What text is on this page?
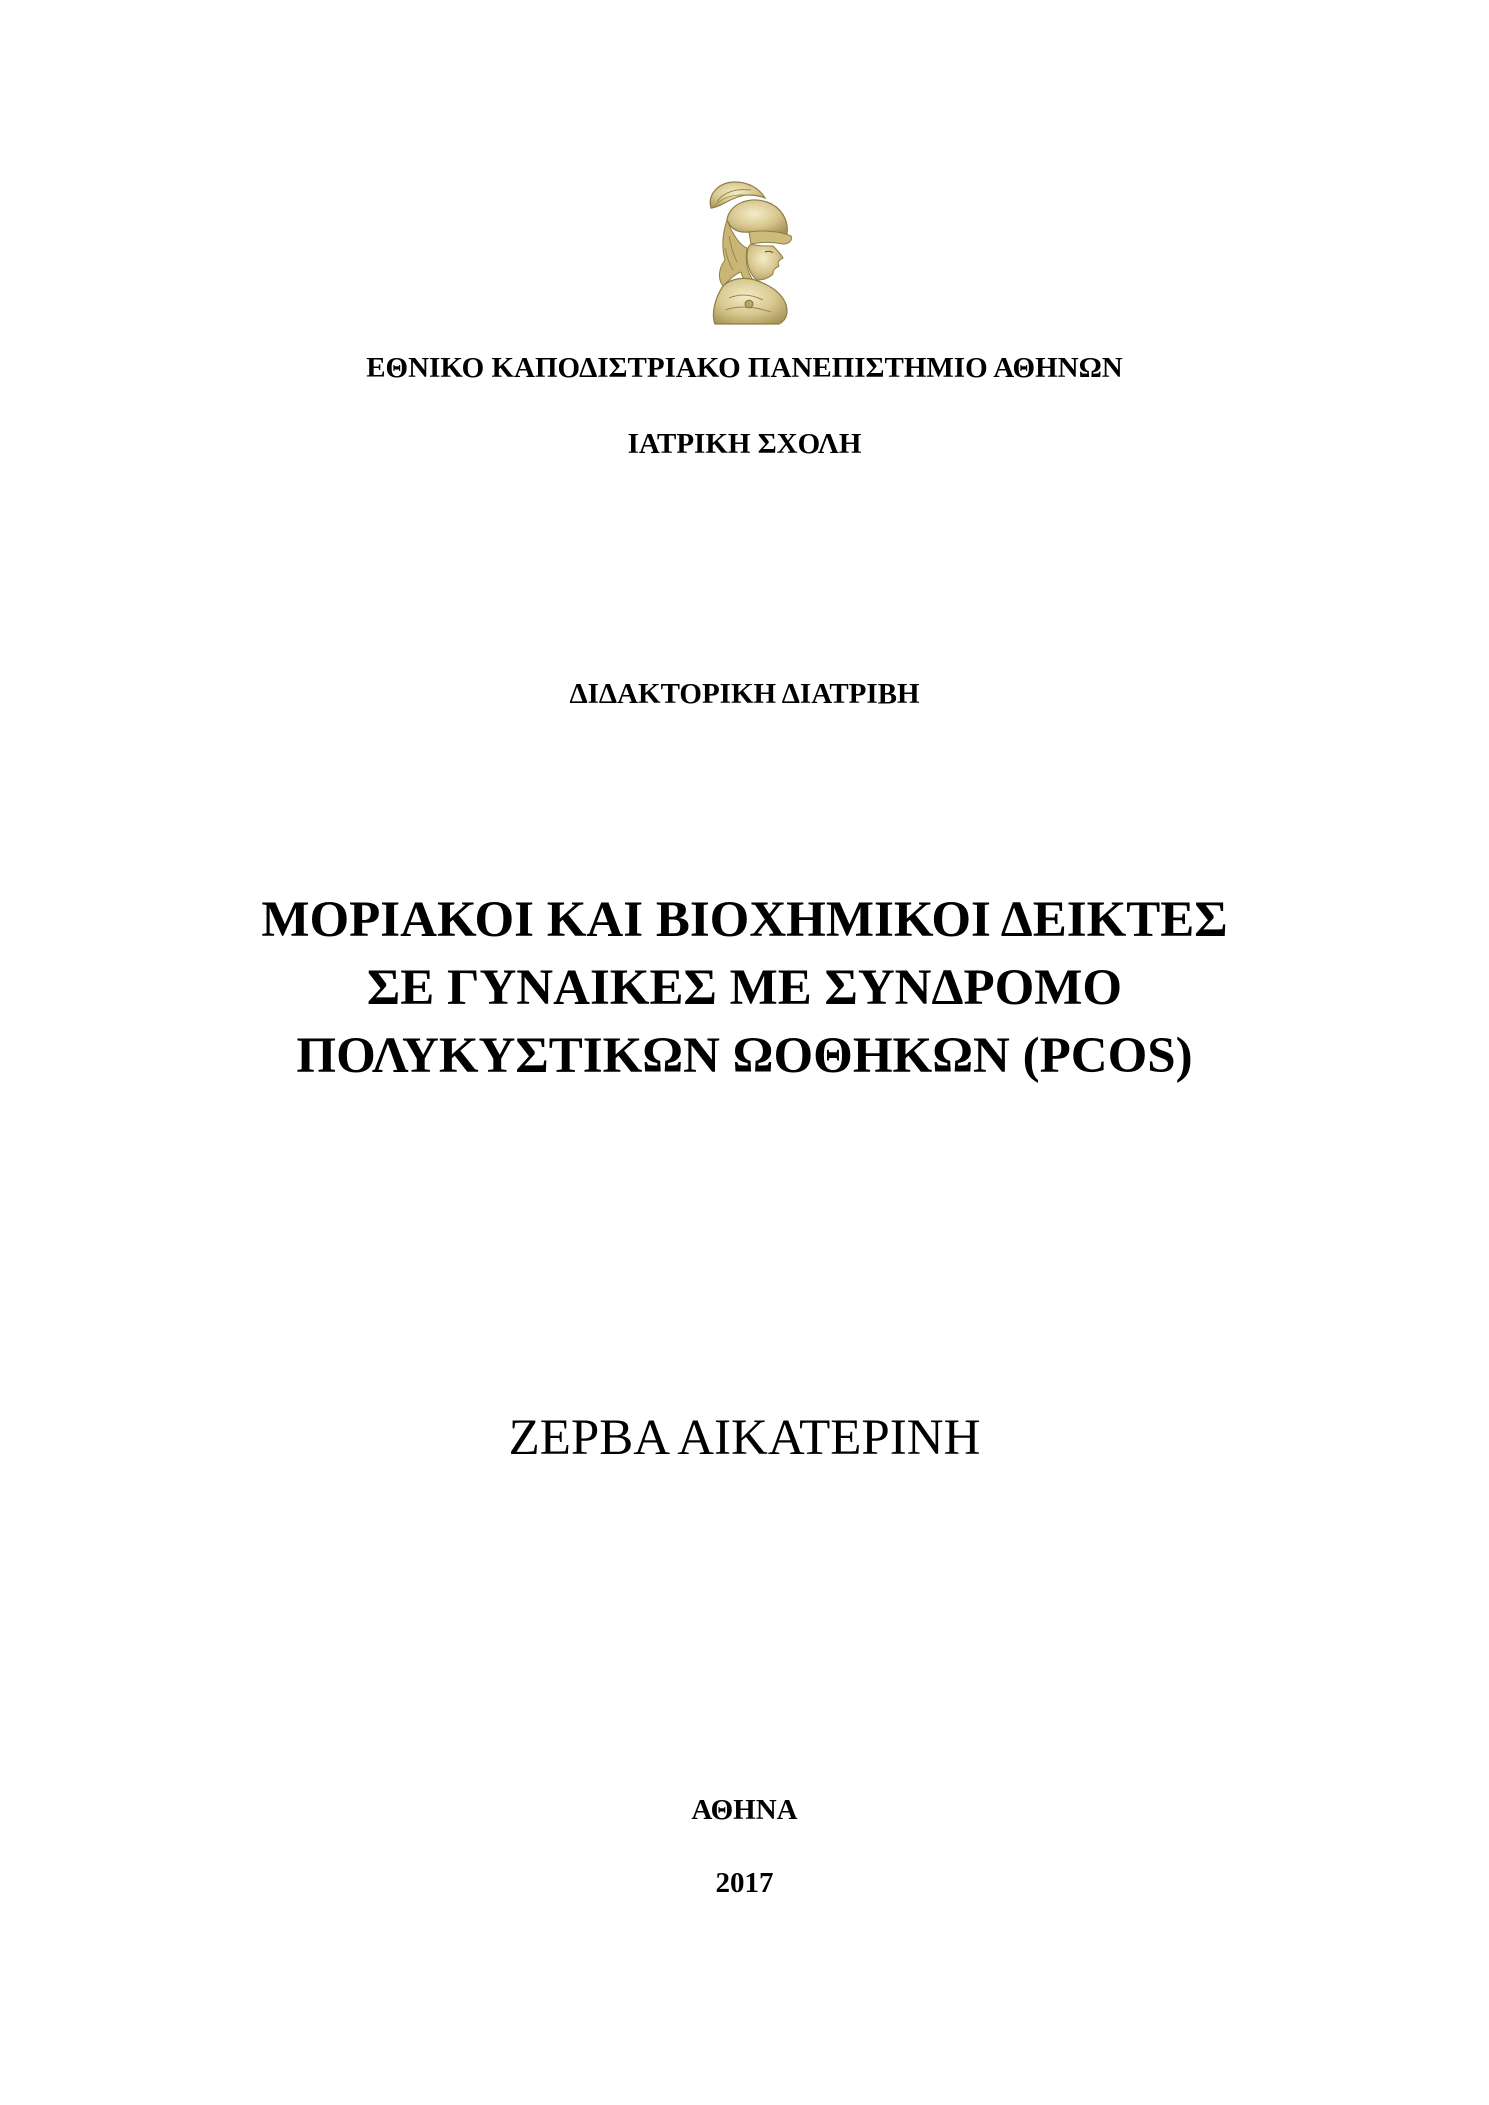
ΕΘΝΙΚΟ ΚΑΠΟΔΙΣΤΡΙΑΚΟ ΠΑΝΕΠΙΣΤΗΜΙΟ ΑΘΗΝΩΝ

ΙΑΤΡΙΚΗ ΣΧΟΛΗ

ΔΙΔΑΚΤΟΡΙΚΗ ΔΙΑΤΡΙΒΗ

ΜΟΡΙΑΚΟΙ ΚΑΙ ΒΙΟΧΗΜΙΚΟΙ ΔΕΙΚΤΕΣ

ΣΕ ΓΥΝΑΙΚΕΣ ΜΕ ΣΥΝΔΡΟΜΟ

ΠΟΛΥΚΥΣΤΙΚΩΝ ΩΟΘΗΚΩΝ (PCOS)

ΖΕΡΒΑ ΑΙΚΑΤΕΡΙΝΗ

ΑΘΗΝΑ

2017
